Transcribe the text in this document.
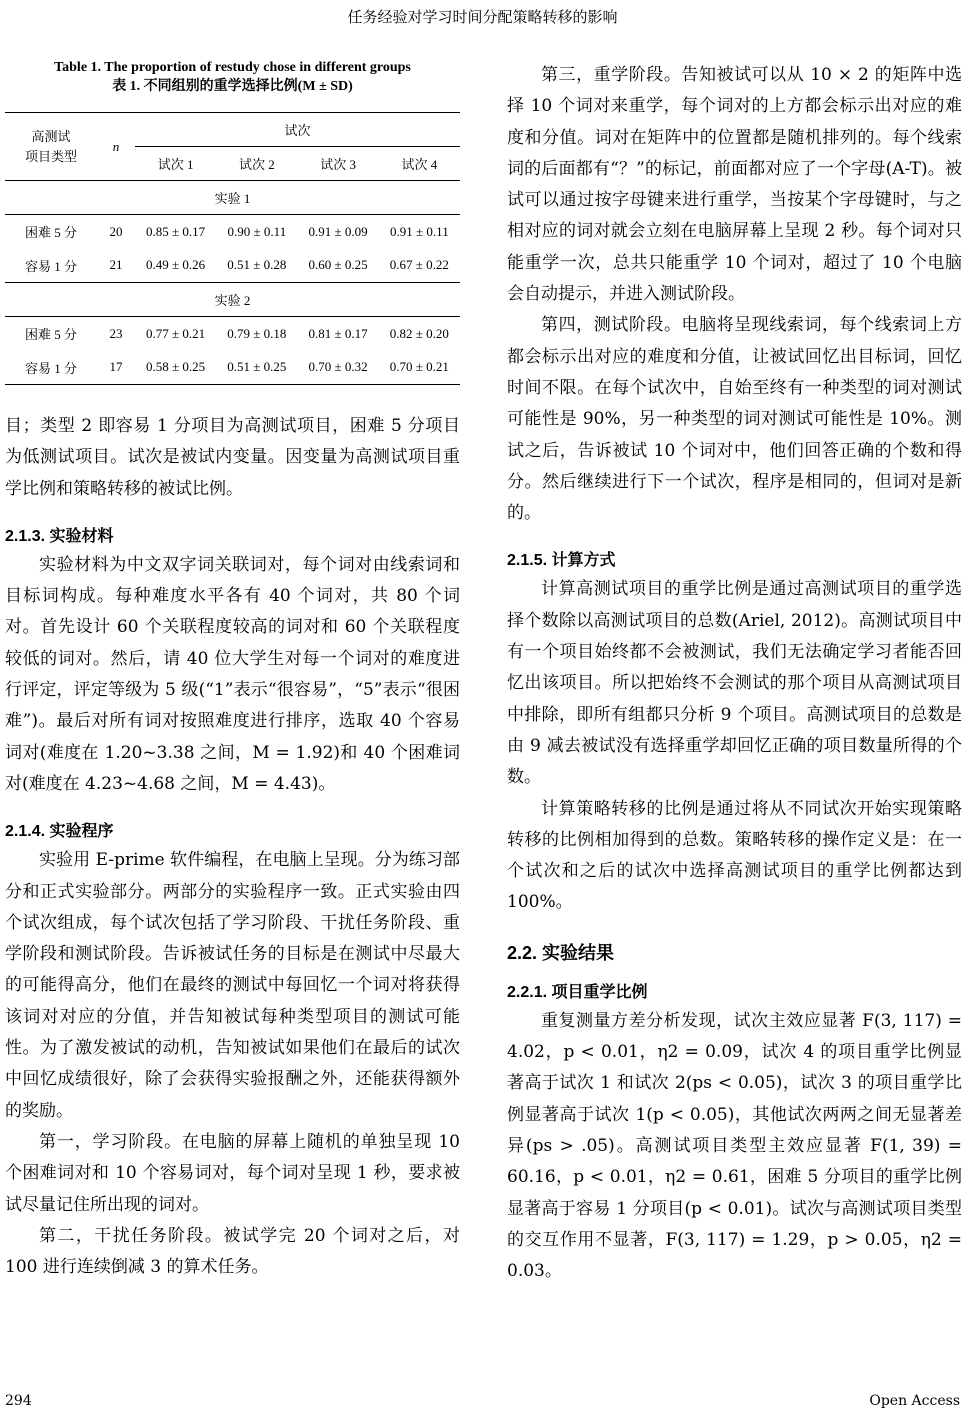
任务经验对学习时间分配策略转移的影响
Table 1. The proportion of restudy chose in different groups
表 1. 不同组别的重学选择比例(M ± SD)
高测试
项目类型	n	试次			
		试次 1	试次 2	试次 3	试次 4
实验 1					
困难 5 分	20	0.85 ± 0.17	0.90 ± 0.11	0.91 ± 0.09	0.91 ± 0.11
容易 1 分	21	0.49 ± 0.26	0.51 ± 0.28	0.60 ± 0.25	0.67 ± 0.22
实验 2					
困难 5 分	23	0.77 ± 0.21	0.79 ± 0.18	0.81 ± 0.17	0.82 ± 0.20
容易 1 分	17	0.58 ± 0.25	0.51 ± 0.25	0.70 ± 0.32	0.70 ± 0.21

目；类型 2 即容易 1 分项目为高测试项目，困难 5 分项目为低测试项目。试次是被试内变量。因变量为高测试项目重学比例和策略转移的被试比例。

2.1.3. 实验材料

实验材料为中文双字词关联词对，每个词对由线索词和目标词构成。每种难度水平各有 40 个词对，共 80 个词对。首先设计 60 个关联程度较高的词对和 60 个关联程度较低的词对。然后，请 40 位大学生对每一个词对的难度进行评定，评定等级为 5 级(“1”表示“很容易”，“5”表示“很困难”)。最后对所有词对按照难度进行排序，选取 40 个容易词对(难度在 1.20~3.38 之间，M = 1.92)和 40 个困难词对(难度在 4.23~4.68 之间，M = 4.43)。

2.1.4. 实验程序

实验用 E-prime 软件编程，在电脑上呈现。分为练习部分和正式实验部分。两部分的实验程序一致。正式实验由四个试次组成，每个试次包括了学习阶段、干扰任务阶段、重学阶段和测试阶段。告诉被试任务的目标是在测试中尽最大的可能得高分，他们在最终的测试中每回忆一个词对将获得该词对对应的分值，并告知被试每种类型项目的测试可能性。为了激发被试的动机，告知被试如果他们在最后的试次中回忆成绩很好，除了会获得实验报酬之外，还能获得额外的奖励。

第一，学习阶段。在电脑的屏幕上随机的单独呈现 10 个困难词对和 10 个容易词对，每个词对呈现 1 秒，要求被试尽量记住所出现的词对。

第二，干扰任务阶段。被试学完 20 个词对之后，对 100 进行连续倒减 3 的算术任务。

第三，重学阶段。告知被试可以从 10 × 2 的矩阵中选择 10 个词对来重学，每个词对的上方都会标示出对应的难度和分值。词对在矩阵中的位置都是随机排列的。每个线索词的后面都有“？”的标记，前面都对应了一个字母(A-T)。被试可以通过按字母键来进行重学，当按某个字母键时，与之相对应的词对就会立刻在电脑屏幕上呈现 2 秒。每个词对只能重学一次，总共只能重学 10 个词对，超过了 10 个电脑会自动提示，并进入测试阶段。

第四，测试阶段。电脑将呈现线索词，每个线索词上方都会标示出对应的难度和分值，让被试回忆出目标词，回忆时间不限。在每个试次中，自始至终有一种类型的词对测试可能性是 90%，另一种类型的词对测试可能性是 10%。测试之后，告诉被试 10 个词对中，他们回答正确的个数和得分。然后继续进行下一个试次，程序是相同的，但词对是新的。

2.1.5. 计算方式

计算高测试项目的重学比例是通过高测试项目的重学选择个数除以高测试项目的总数(Ariel, 2012)。高测试项目中有一个项目始终都不会被测试，我们无法确定学习者能否回忆出该项目。所以把始终不会测试的那个项目从高测试项目中排除，即所有组都只分析 9 个项目。高测试项目的总数是由 9 减去被试没有选择重学却回忆正确的项目数量所得的个数。

计算策略转移的比例是通过将从不同试次开始实现策略转移的比例相加得到的总数。策略转移的操作定义是：在一个试次和之后的试次中选择高测试项目的重学比例都达到 100%。

2.2. 实验结果
2.2.1. 项目重学比例

重复测量方差分析发现，试次主效应显著 F(3, 117) = 4.02，p < 0.01，η2 = 0.09，试次 4 的项目重学比例显著高于试次 1 和试次 2(ps < 0.05)，试次 3 的项目重学比例显著高于试次 1(p < 0.05)，其他试次两两之间无显著差异(ps > .05)。高测试项目类型主效应显著 F(1, 39) = 60.16，p < 0.01，η2 = 0.61，困难 5 分项目的重学比例显著高于容易 1 分项目(p < 0.01)。试次与高测试项目类型的交互作用不显著，F(3, 117) = 1.29，p > 0.05，η2 = 0.03。

294	Open Access
